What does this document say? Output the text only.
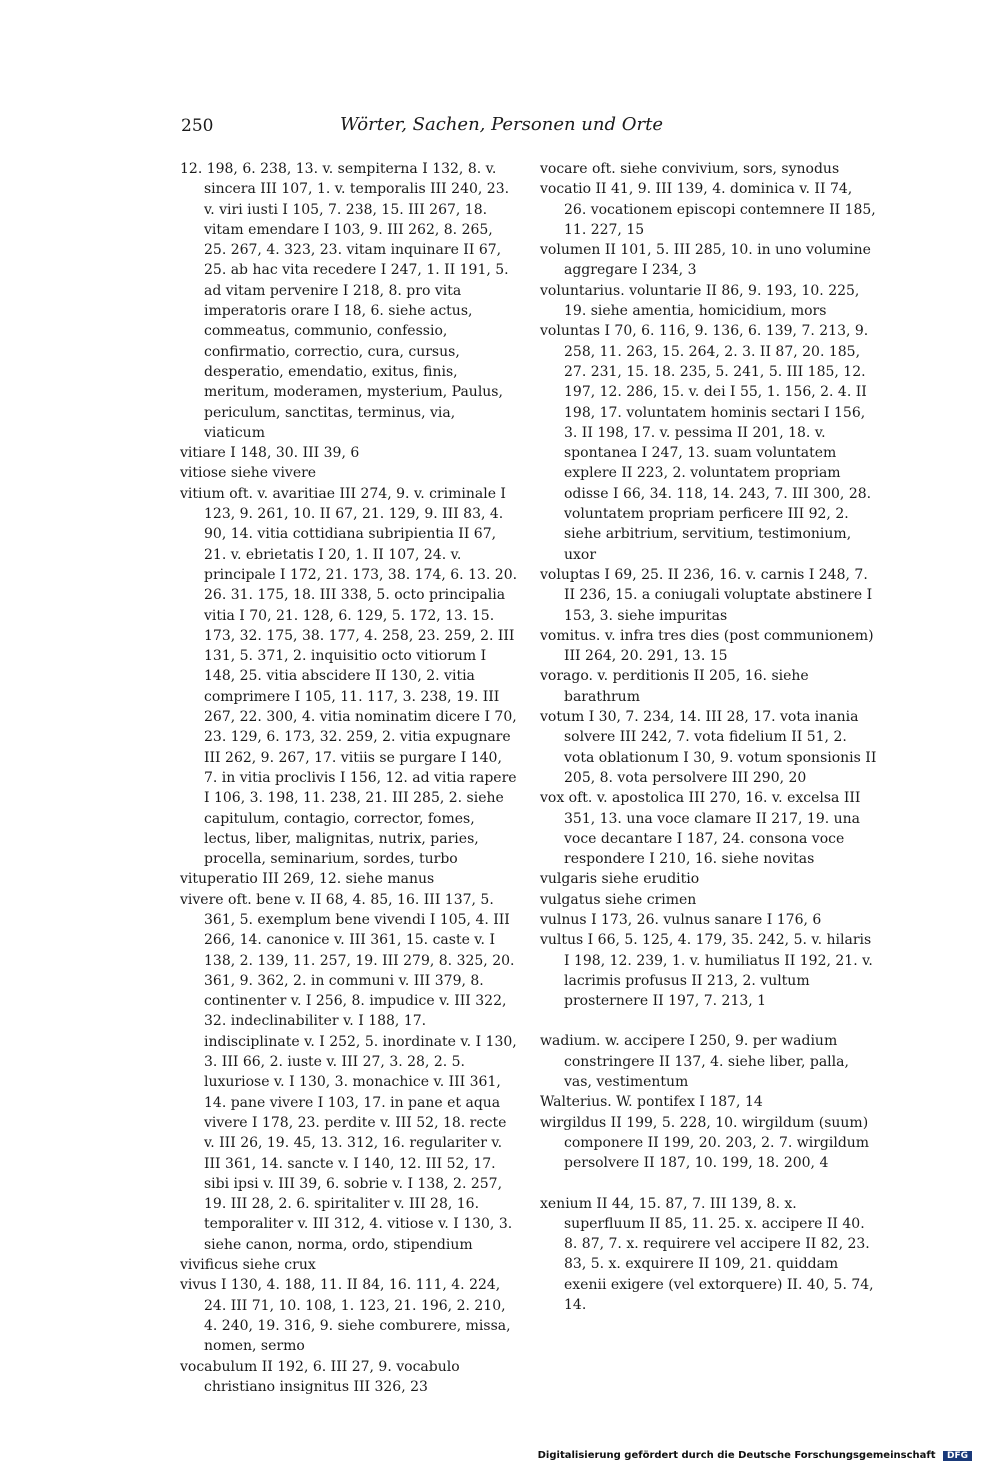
250	Wörter, Sachen, Personen und Orte

12. 198, 6. 238, 13. v. sempiterna I 132, 8. v. sincera III 107, 1. v. temporalis III 240, 23. v. viri iusti I 105, 7. 238, 15. III 267, 18. vitam emendare I 103, 9. III 262, 8. 265, 25. 267, 4. 323, 23. vitam inquinare II 67, 25. ab hac vita recedere I 247, 1. II 191, 5. ad vitam pervenire I 218, 8. pro vita imperatoris orare I 18, 6. siehe actus, commeatus, communio, confessio, confirmatio, correctio, cura, cursus, desperatio, emendatio, exitus, finis, meritum, moderamen, mysterium, Paulus, periculum, sanctitas, terminus, via, viaticum

vitiare I 148, 30. III 39, 6

vitiose siehe vivere

vitium oft. v. avaritiae III 274, 9. v. criminale I 123, 9. 261, 10. II 67, 21. 129, 9. III 83, 4. 90, 14. vitia cottidiana subripientia II 67, 21. v. ebrietatis I 20, 1. II 107, 24. v. principale I 172, 21. 173, 38. 174, 6. 13. 20. 26. 31. 175, 18. III 338, 5. octo principalia vitia I 70, 21. 128, 6. 129, 5. 172, 13. 15. 173, 32. 175, 38. 177, 4. 258, 23. 259, 2. III 131, 5. 371, 2. inquisitio octo vitiorum I 148, 25. vitia abscidere II 130, 2. vitia comprimere I 105, 11. 117, 3. 238, 19. III 267, 22. 300, 4. vitia nominatim dicere I 70, 23. 129, 6. 173, 32. 259, 2. vitia expugnare III 262, 9. 267, 17. vitiis se purgare I 140, 7. in vitia proclivis I 156, 12. ad vitia rapere I 106, 3. 198, 11. 238, 21. III 285, 2. siehe capitulum, contagio, corrector, fomes, lectus, liber, malignitas, nutrix, paries, procella, seminarium, sordes, turbo

vituperatio III 269, 12. siehe manus

vivere oft. bene v. II 68, 4. 85, 16. III 137, 5. 361, 5. exemplum bene vivendi I 105, 4. III 266, 14. canonice v. III 361, 15. caste v. I 138, 2. 139, 11. 257, 19. III 279, 8. 325, 20. 361, 9. 362, 2. in communi v. III 379, 8. continenter v. I 256, 8. impudice v. III 322, 32. indeclinabiliter v. I 188, 17. indisciplinate v. I 252, 5. inordinate v. I 130, 3. III 66, 2. iuste v. III 27, 3. 28, 2. 5. luxuriose v. I 130, 3. monachice v. III 361, 14. pane vivere I 103, 17. in pane et aqua vivere I 178, 23. perdite v. III 52, 18. recte v. III 26, 19. 45, 13. 312, 16. regulariter v. III 361, 14. sancte v. I 140, 12. III 52, 17. sibi ipsi v. III 39, 6. sobrie v. I 138, 2. 257, 19. III 28, 2. 6. spiritaliter v. III 28, 16. temporaliter v. III 312, 4. vitiose v. I 130, 3. siehe canon, norma, ordo, stipendium

vivificus siehe crux

vivus I 130, 4. 188, 11. II 84, 16. 111, 4. 224, 24. III 71, 10. 108, 1. 123, 21. 196, 2. 210, 4. 240, 19. 316, 9. siehe comburere, missa, nomen, sermo

vocabulum II 192, 6. III 27, 9. vocabulo christiano insignitus III 326, 23

vocare oft. siehe convivium, sors, synodus

vocatio II 41, 9. III 139, 4. dominica v. II 74, 26. vocationem episcopi contemnere II 185, 11. 227, 15

volumen II 101, 5. III 285, 10. in uno volumine aggregare I 234, 3

voluntarius. voluntarie II 86, 9. 193, 10. 225, 19. siehe amentia, homicidium, mors

voluntas I 70, 6. 116, 9. 136, 6. 139, 7. 213, 9. 258, 11. 263, 15. 264, 2. 3. II 87, 20. 185, 27. 231, 15. 18. 235, 5. 241, 5. III 185, 12. 197, 12. 286, 15. v. dei I 55, 1. 156, 2. 4. II 198, 17. voluntatem hominis sectari I 156, 3. II 198, 17. v. pessima II 201, 18. v. spontanea I 247, 13. suam voluntatem explere II 223, 2. voluntatem propriam odisse I 66, 34. 118, 14. 243, 7. III 300, 28. voluntatem propriam perficere III 92, 2. siehe arbitrium, servitium, testimonium, uxor

voluptas I 69, 25. II 236, 16. v. carnis I 248, 7. II 236, 15. a coniugali voluptate abstinere I 153, 3. siehe impuritas

vomitus. v. infra tres dies (post communionem) III 264, 20. 291, 13. 15

vorago. v. perditionis II 205, 16. siehe barathrum

votum I 30, 7. 234, 14. III 28, 17. vota inania solvere III 242, 7. vota fidelium II 51, 2. vota oblationum I 30, 9. votum sponsionis II 205, 8. vota persolvere III 290, 20

vox oft. v. apostolica III 270, 16. v. excelsa III 351, 13. una voce clamare II 217, 19. una voce decantare I 187, 24. consona voce respondere I 210, 16. siehe novitas

vulgaris siehe eruditio

vulgatus siehe crimen

vulnus I 173, 26. vulnus sanare I 176, 6

vultus I 66, 5. 125, 4. 179, 35. 242, 5. v. hilaris I 198, 12. 239, 1. v. humiliatus II 192, 21. v. lacrimis profusus II 213, 2. vultum prosternere II 197, 7. 213, 1

wadium. w. accipere I 250, 9. per wadium constringere II 137, 4. siehe liber, palla, vas, vestimentum

Walterius. W. pontifex I 187, 14

wirgildus II 199, 5. 228, 10. wirgildum (suum) componere II 199, 20. 203, 2. 7. wirgildum persolvere II 187, 10. 199, 18. 200, 4

xenium II 44, 15. 87, 7. III 139, 8. x. superfluum II 85, 11. 25. x. accipere II 40. 8. 87, 7. x. requirere vel accipere II 82, 23. 83, 5. x. exquirere II 109, 21. quiddam exenii exigere (vel extorquere) II. 40, 5. 74, 14.

Digitalisierung gefördert durch die Deutsche Forschungsgemeinschaft DFG
